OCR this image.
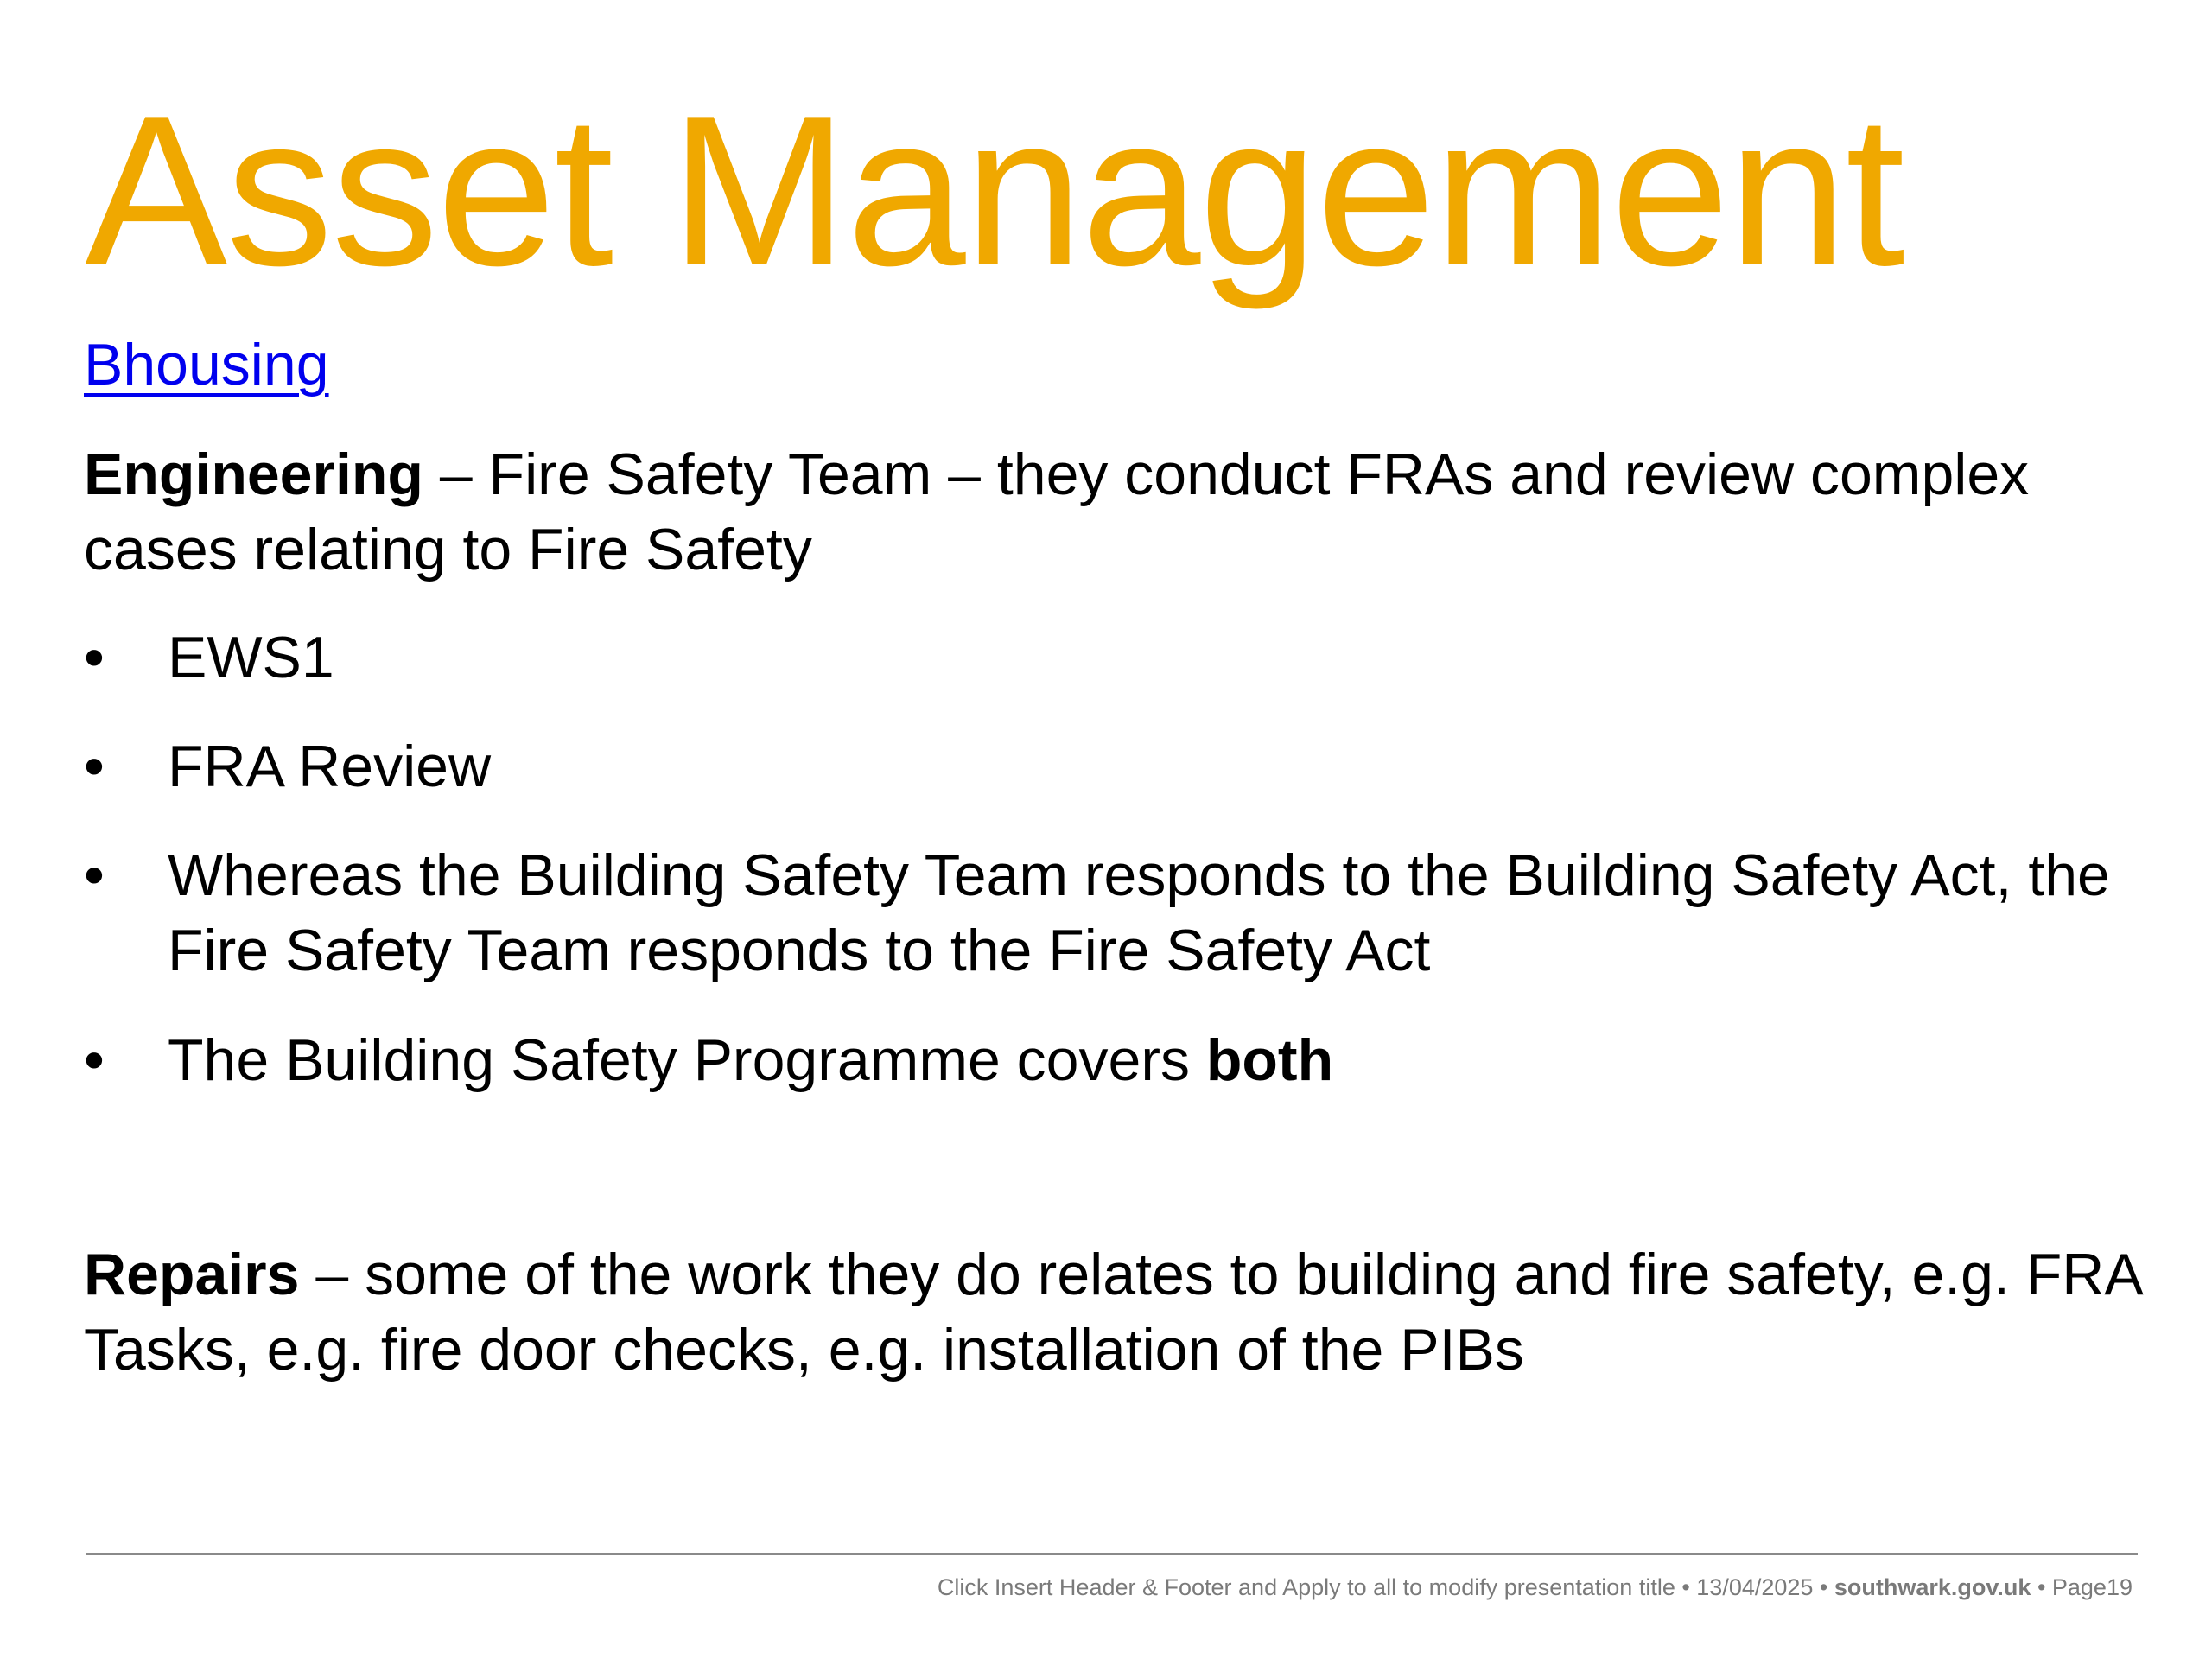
Asset Management
Bhousing

Engineering – Fire Safety Team – they conduct FRAs and review complex cases relating to Fire Safety

•	EWS1
•	FRA Review
•	Whereas the Building Safety Team responds to the Building Safety Act, the Fire Safety Team responds to the Fire Safety Act
•	The Building Safety Programme covers both

Repairs – some of the work they do relates to building and fire safety, e.g. FRA Tasks, e.g. fire door checks, e.g. installation of the PIBs

Click Insert Header & Footer and Apply to all to modify presentation title • 13/04/2025 • southwark.gov.uk • Page19
